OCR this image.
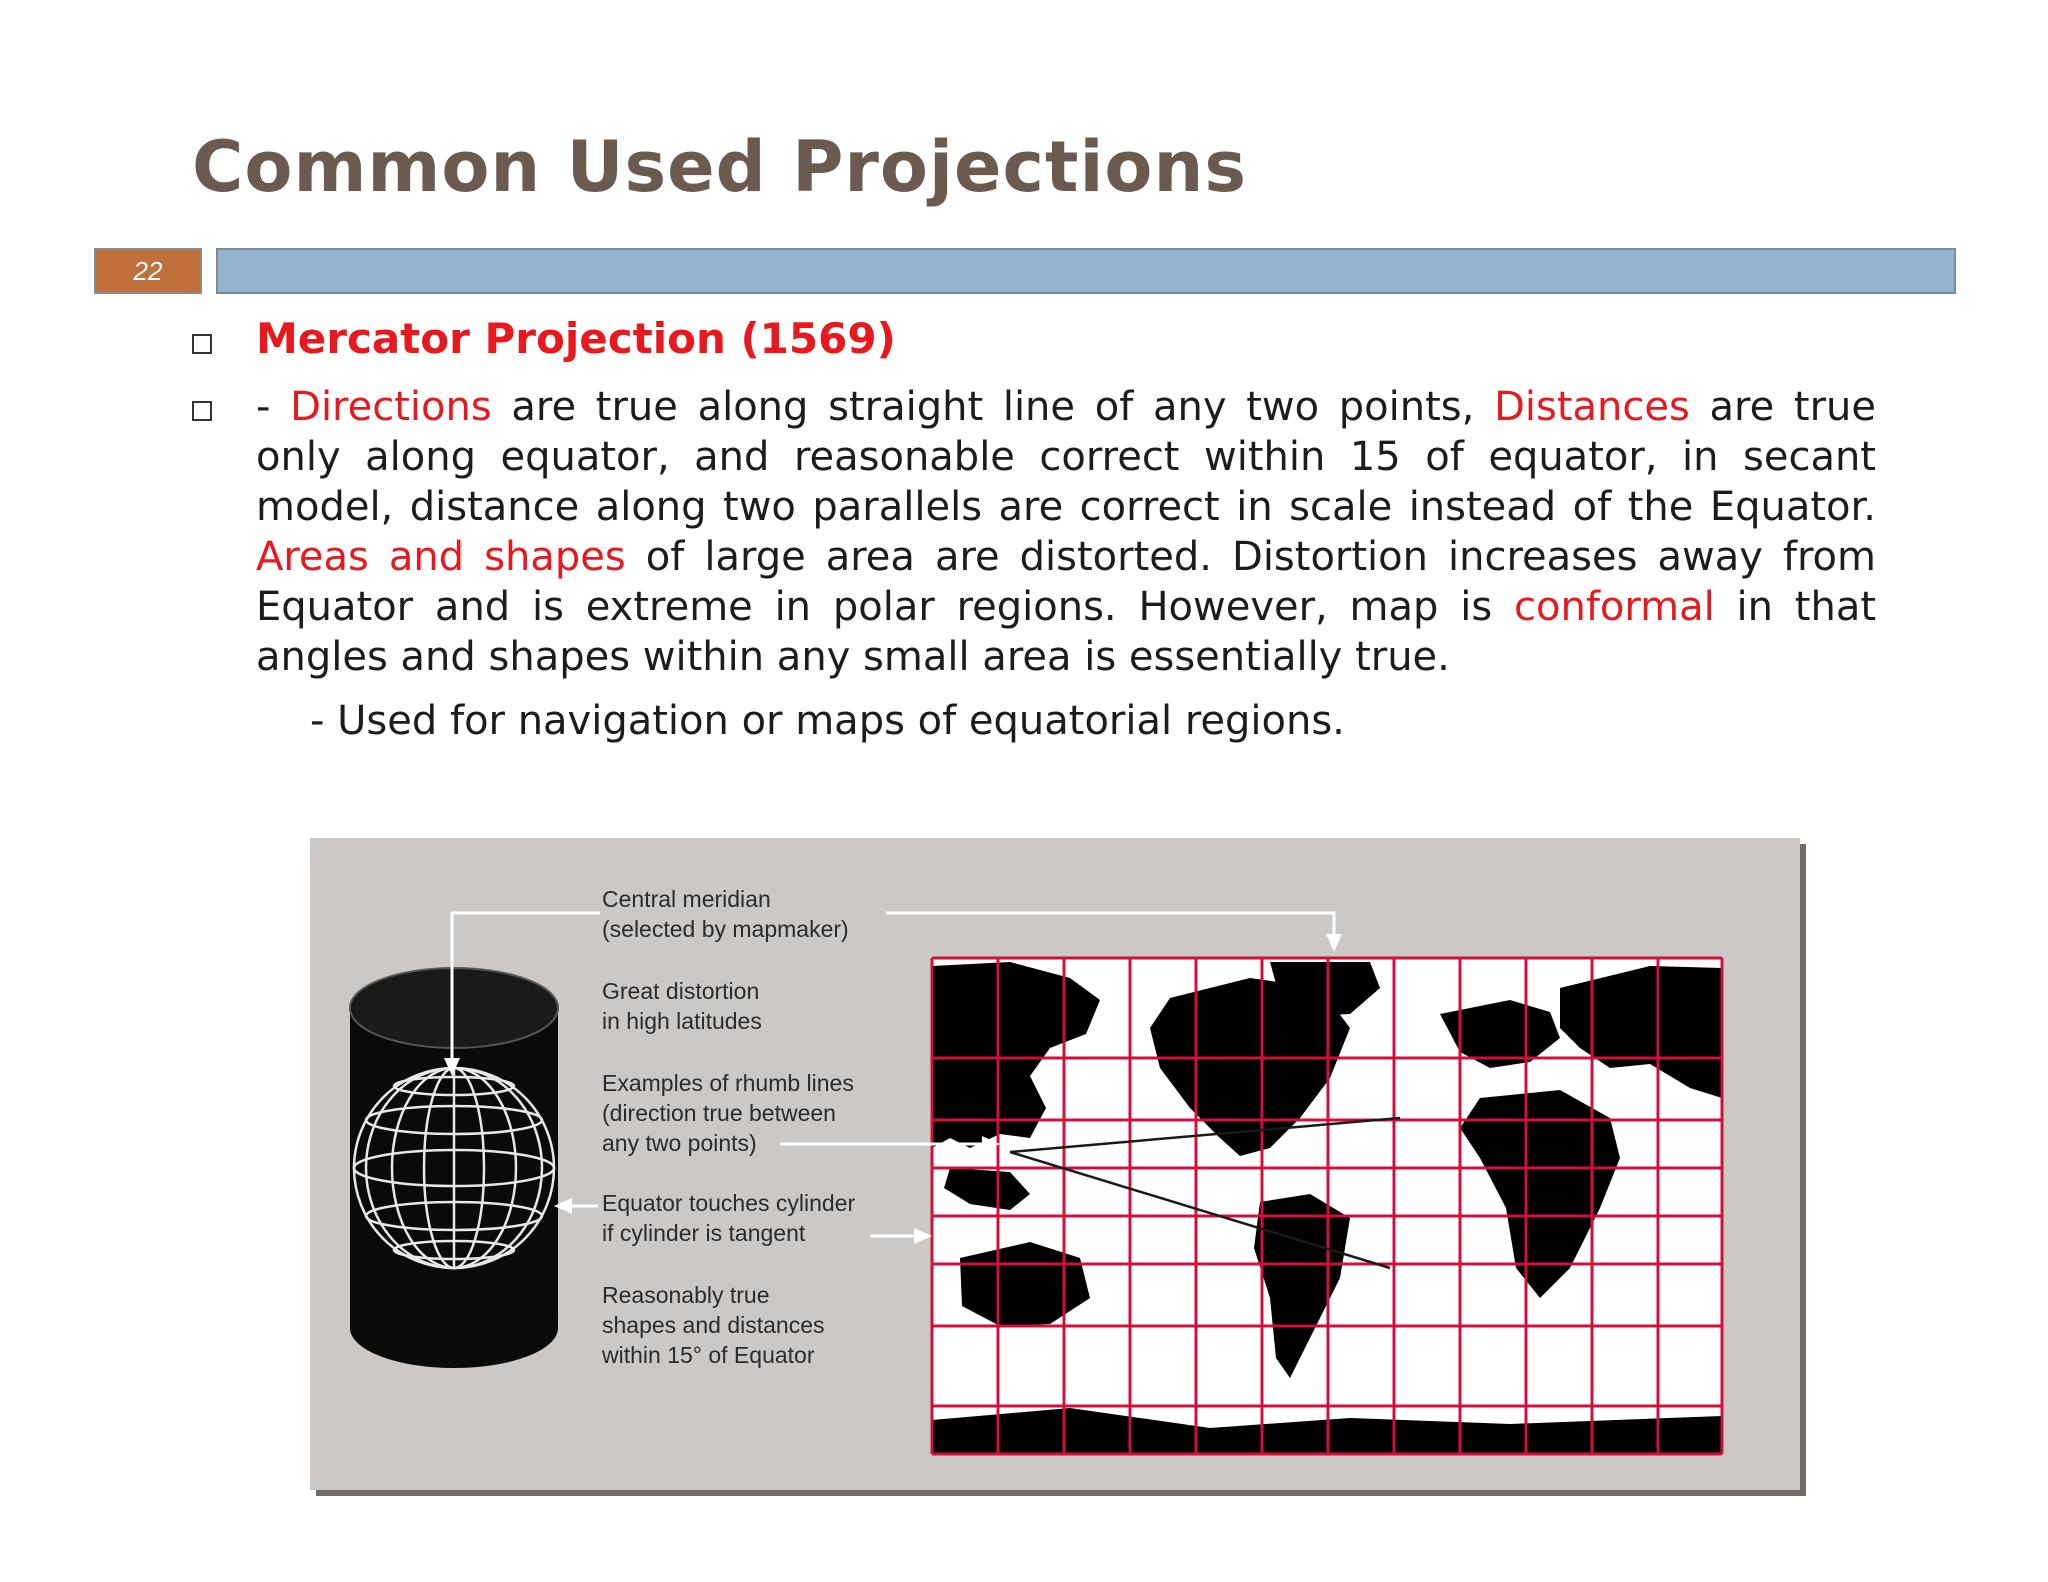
Common Used Projections
22
Mercator Projection (1569)
- Directions are true along straight line of any two points, Distances are true only along equator, and reasonable correct within 15 of equator, in secant model, distance along two parallels are correct in scale instead of the Equator. Areas and shapes of large area are distorted. Distortion increases away from Equator and is extreme in polar regions. However, map is conformal in that angles and shapes within any small area is essentially true.
- Used for navigation or maps of equatorial regions.
Central meridian
(selected by mapmaker)
Great distortion
in high latitudes
Examples of rhumb lines
(direction true between
any two points)
Equator touches cylinder
if cylinder is tangent
Reasonably true
shapes and distances
within 15° of Equator
